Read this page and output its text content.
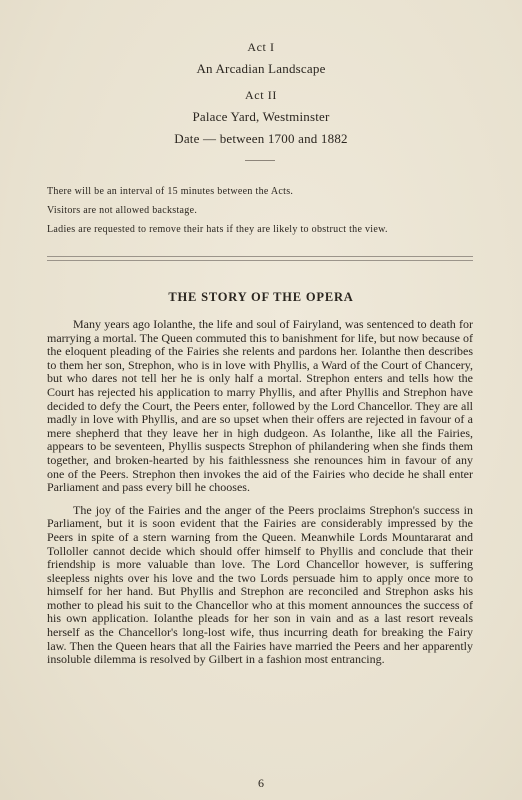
Act I
An Arcadian Landscape
Act II
Palace Yard, Westminster
Date — between 1700 and 1882
There will be an interval of 15 minutes between the Acts.
Visitors are not allowed backstage.
Ladies are requested to remove their hats if they are likely to obstruct the view.
THE STORY OF THE OPERA

Many years ago Iolanthe, the life and soul of Fairyland, was sentenced to death for marrying a mortal. The Queen commuted this to banishment for life, but now because of the eloquent pleading of the Fairies she relents and pardons her. Iolanthe then describes to them her son, Strephon, who is in love with Phyllis, a Ward of the Court of Chancery, but who dares not tell her he is only half a mortal. Strephon enters and tells how the Court has rejected his application to marry Phyllis, and after Phyllis and Strephon have decided to defy the Court, the Peers enter, followed by the Lord Chancellor. They are all madly in love with Phyllis, and are so upset when their offers are rejected in favour of a mere shepherd that they leave her in high dudgeon. As Iolanthe, like all the Fairies, appears to be seventeen, Phyllis suspects Strephon of philandering when she finds them together, and broken-hearted by his faithlessness she renounces him in favour of any one of the Peers. Strephon then invokes the aid of the Fairies who decide he shall enter Parliament and pass every bill he chooses.

The joy of the Fairies and the anger of the Peers proclaims Strephon's success in Parliament, but it is soon evident that the Fairies are considerably impressed by the Peers in spite of a stern warning from the Queen. Meanwhile Lords Mountararat and Tolloller cannot decide which should offer himself to Phyllis and conclude that their friendship is more valuable than love. The Lord Chancellor however, is suffering sleepless nights over his love and the two Lords persuade him to apply once more to himself for her hand. But Phyllis and Strephon are reconciled and Strephon asks his mother to plead his suit to the Chancellor who at this moment announces the success of his own application. Iolanthe pleads for her son in vain and as a last resort reveals herself as the Chancellor's long-lost wife, thus incurring death for breaking the Fairy law. Then the Queen hears that all the Fairies have married the Peers and her apparently insoluble dilemma is resolved by Gilbert in a fashion most entrancing.

6
